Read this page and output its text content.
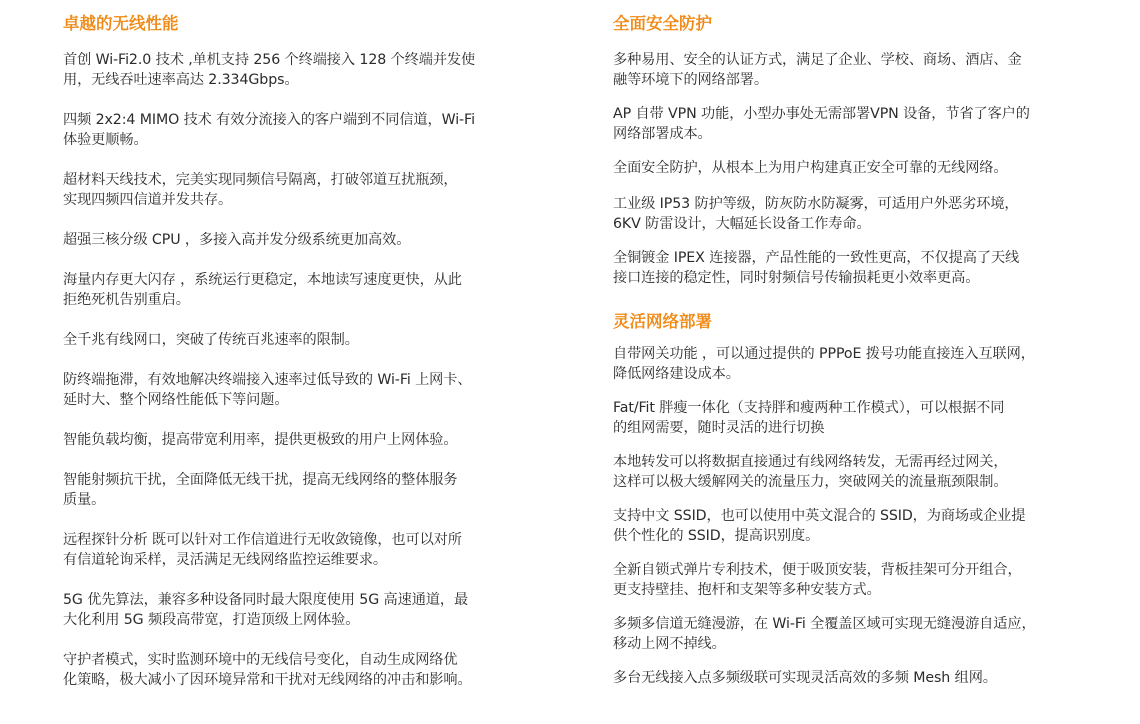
卓越的无线性能

首创 Wi-Fi2.0 技术 ,单机支持 256 个终端接入 128 个终端并发使
用，无线吞吐速率高达 2.334Gbps。

四频 2x2:4 MIMO 技术 有效分流接入的客户端到不同信道，Wi-Fi
体验更顺畅。

超材料天线技术，完美实现同频信号隔离，打破邻道互扰瓶颈，
实现四频四信道并发共存。

超强三核分级 CPU ，多接入高并发分级系统更加高效。

海量内存更大闪存 ，系统运行更稳定，本地读写速度更快，从此
拒绝死机告别重启。

全千兆有线网口，突破了传统百兆速率的限制。

防终端拖滞，有效地解决终端接入速率过低导致的 Wi-Fi 上网卡、
延时大、整个网络性能低下等问题。

智能负载均衡，提高带宽利用率，提供更极致的用户上网体验。

智能射频抗干扰，全面降低无线干扰，提高无线网络的整体服务
质量。

远程探针分析 既可以针对工作信道进行无收敛镜像，也可以对所
有信道轮询采样，灵活满足无线网络监控运维要求。

5G 优先算法，兼容多种设备同时最大限度使用 5G 高速通道，最
大化利用 5G 频段高带宽，打造顶级上网体验。

守护者模式，实时监测环境中的无线信号变化，自动生成网络优
化策略，极大减小了因环境异常和干扰对无线网络的冲击和影响。

全面安全防护

多种易用、安全的认证方式，满足了企业、学校、商场、酒店、金
融等环境下的网络部署。

AP 自带 VPN 功能，小型办事处无需部署VPN 设备，节省了客户的
网络部署成本。

全面安全防护，从根本上为用户构建真正安全可靠的无线网络。

工业级 IP53 防护等级，防灰防水防凝雾，可适用户外恶劣环境，
6KV 防雷设计，大幅延长设备工作寿命。

全铜镀金 IPEX 连接器，产品性能的一致性更高，不仅提高了天线
接口连接的稳定性，同时射频信号传输损耗更小效率更高。

灵活网络部署

自带网关功能 ，可以通过提供的 PPPoE 拨号功能直接连入互联网，
降低网络建设成本。

Fat/Fit 胖瘦一体化（支持胖和瘦两种工作模式），可以根据不同
的组网需要，随时灵活的进行切换

本地转发可以将数据直接通过有线网络转发，无需再经过网关，
这样可以极大缓解网关的流量压力，突破网关的流量瓶颈限制。

支持中文 SSID，也可以使用中英文混合的 SSID，为商场或企业提
供个性化的 SSID，提高识别度。

全新自锁式弹片专利技术，便于吸顶安装，背板挂架可分开组合，
更支持壁挂、抱杆和支架等多种安装方式。

多频多信道无缝漫游，在 Wi-Fi 全覆盖区域可实现无缝漫游自适应，
移动上网不掉线。

多台无线接入点多频级联可实现灵活高效的多频 Mesh 组网。
